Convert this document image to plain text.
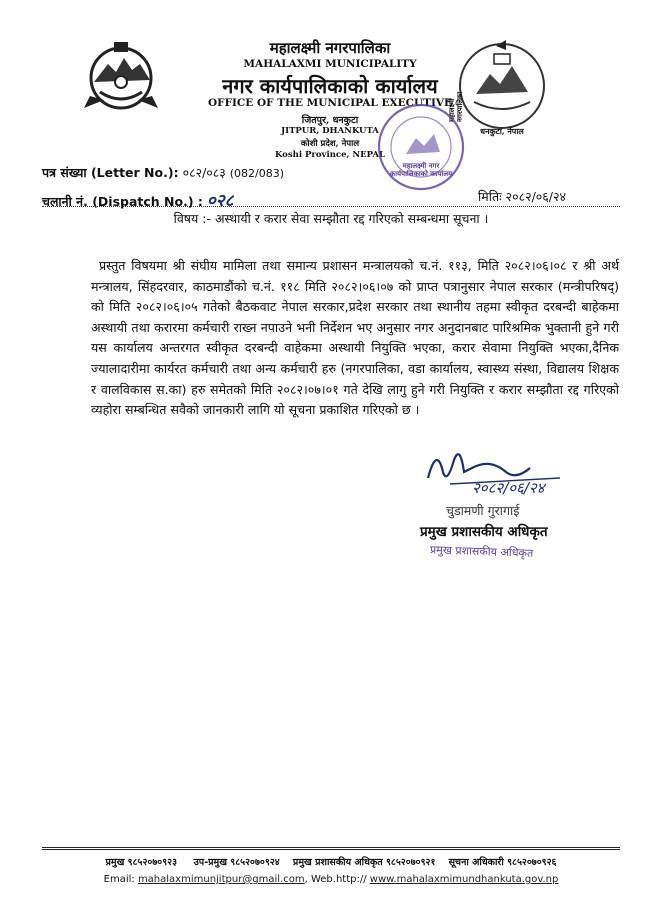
महालक्ष्मी नगरपालिका
MAHALAXMI MUNICIPALITY
नगर कार्यपालिकाको कार्यालय
OFFICE OF THE MUNICIPAL EXECUTIVE
जितपुर, धनकुटा
JITPUR, DHANKUTA
कोशी प्रदेश, नेपाल
Koshi Province, NEPAL
महालक्ष्मी नगरपालिका
धनकुटा, नेपाल
महालक्ष्मी नगर कार्यपालिकाको कार्यालय
पत्र संख्या (Letter No.): ०८२/०८३ (082/083)
चलानी नं. (Dispatch No.) : ०२८	मितिः २०८२/०६/२४
विषय :- अस्थायी र करार सेवा सम्झौता रद्द गरिएको सम्बन्धमा सूचना ।
प्रस्तुत विषयमा श्री संघीय मामिला तथा समान्य प्रशासन मन्त्रालयको च.नं. ११३, मिति २०८२।०६।०८ र श्री अर्थ मन्त्रालय, सिंहदरवार, काठमाडौंको च.नं. ११८ मिति २०८२।०६।०७ को प्राप्त पत्रानुसार नेपाल सरकार (मन्त्रीपरिषद्) को मिति २०८२।०६।०५ गतेको बैठकवाट नेपाल सरकार,प्रदेश सरकार तथा स्थानीय तहमा स्वीकृत दरबन्दी बाहेकमा अस्थायी तथा करारमा कर्मचारी राख्न नपाउने भनी निर्देशन भए अनुसार नगर अनुदानबाट पारिश्रमिक भुक्तानी हुने गरी यस कार्यालय अन्तरगत स्वीकृत दरबन्दी वाहेकमा अस्थायी नियुक्ति भएका, करार सेवामा नियुक्ति भएका,दैनिक ज्यालादारीमा कार्यरत कर्मचारी तथा अन्य कर्मचारी हरु (नगरपालिका, वडा कार्यालय, स्वास्थ्य संस्था, विद्यालय शिक्षक र वालविकास स.का) हरु समेतको मिति २०८२।०७।०१ गते देखि लागु हुने गरी नियुक्ति र करार सम्झौता रद्द गरिएको व्यहोरा सम्बन्धित सवैको जानकारी लागि यो सूचना प्रकाशित गरिएको छ ।
२०८२/०६/२४
चुडामणी गुरागाई
प्रमुख प्रशासकीय अधिकृत
प्रमुख प्रशासकीय अधिकृत
प्रमुख ९८५२०७०९२३     उप-प्रमुख ९८५२०७०९२४    प्रमुख प्रशासकीय अधिकृत ९८५२०७०९२१    सूचना अधिकारी ९८५२०७०९२६
Email: mahalaxmimunjitpur@gmail.com, Web.http:// www.mahalaxmimundhankuta.gov.np
